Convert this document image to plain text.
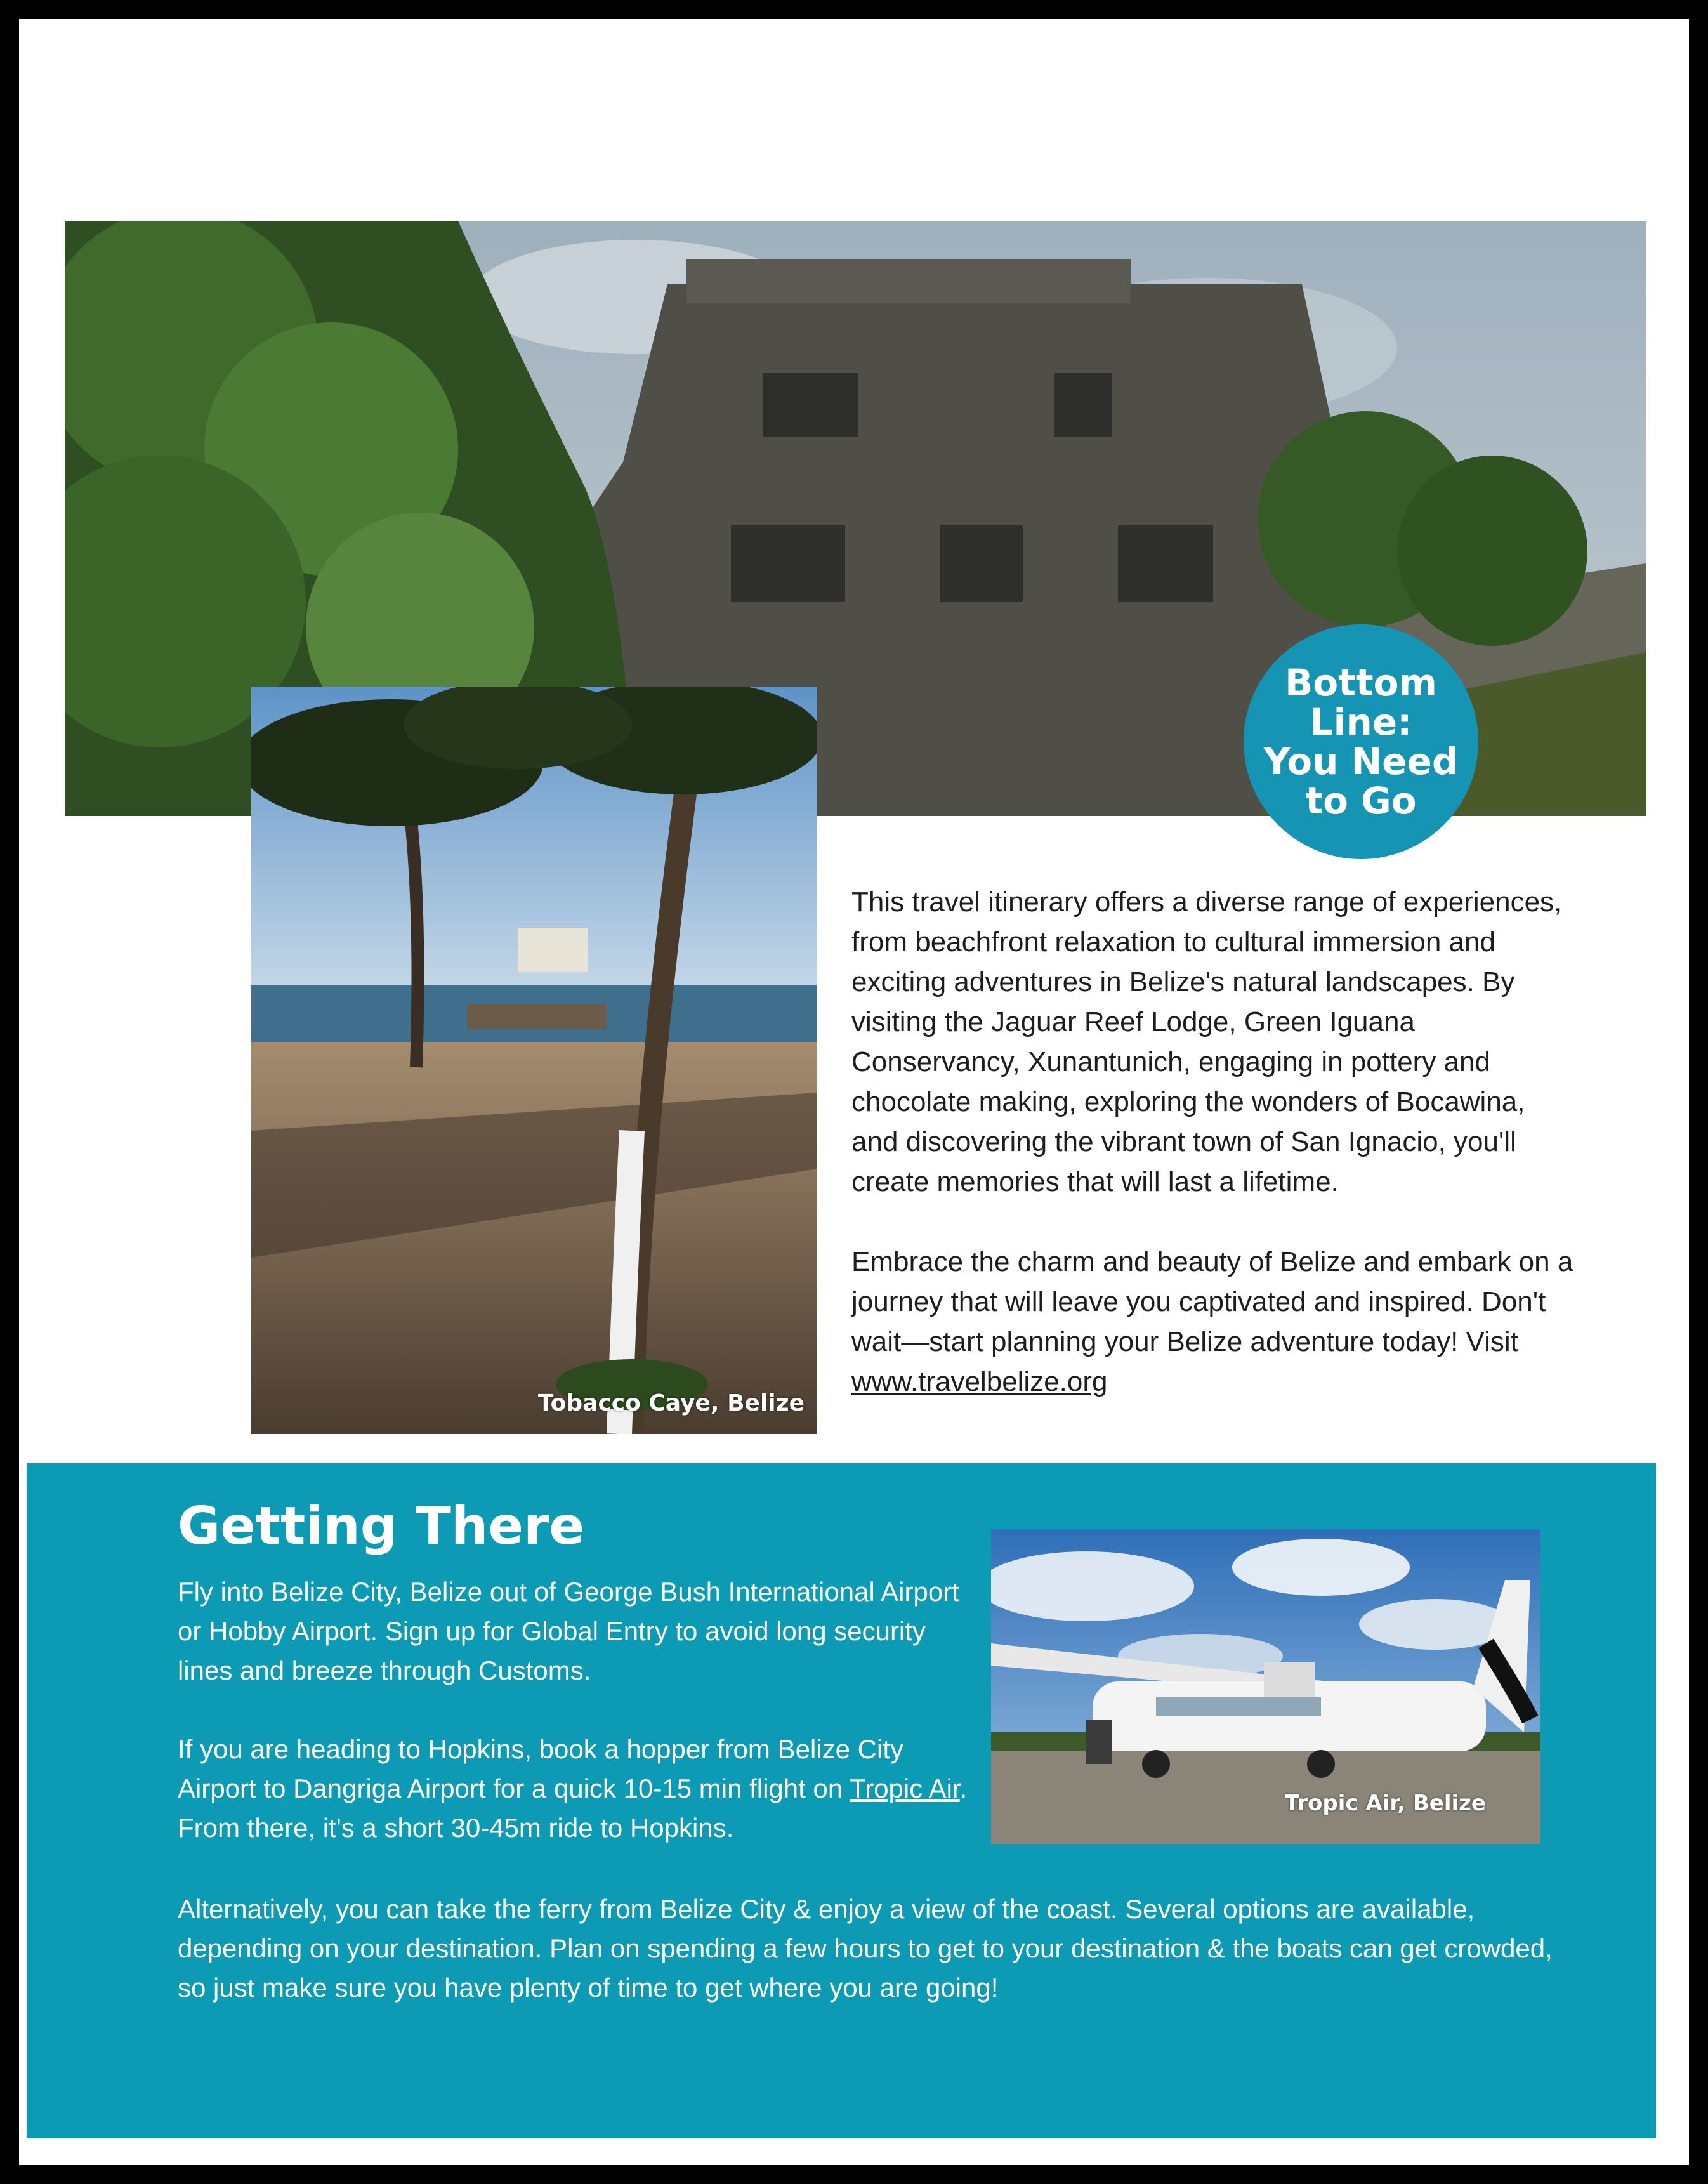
Bottom
Line:
You Need
to Go
Tobacco Caye, Belize

This travel itinerary offers a diverse range of experiences, from beachfront relaxation to cultural immersion and exciting adventures in Belize's natural landscapes. By visiting the Jaguar Reef Lodge, Green Iguana Conservancy, Xunantunich, engaging in pottery and chocolate making, exploring the wonders of Bocawina, and discovering the vibrant town of San Ignacio, you'll create memories that will last a lifetime.

Embrace the charm and beauty of Belize and embark on a journey that will leave you captivated and inspired. Don't wait—start planning your Belize adventure today! Visit www.travelbelize.org

Getting There

Fly into Belize City, Belize out of George Bush International Airport or Hobby Airport. Sign up for Global Entry to avoid long security lines and breeze through Customs.

If you are heading to Hopkins, book a hopper from Belize City Airport to Dangriga Airport for a quick 10-15 min flight on Tropic Air. From there, it's a short 30-45m ride to Hopkins.

Alternatively, you can take the ferry from Belize City & enjoy a view of the coast. Several options are available, depending on your destination. Plan on spending a few hours to get to your destination & the boats can get crowded, so just make sure you have plenty of time to get where you are going!

Tropic Air, Belize
